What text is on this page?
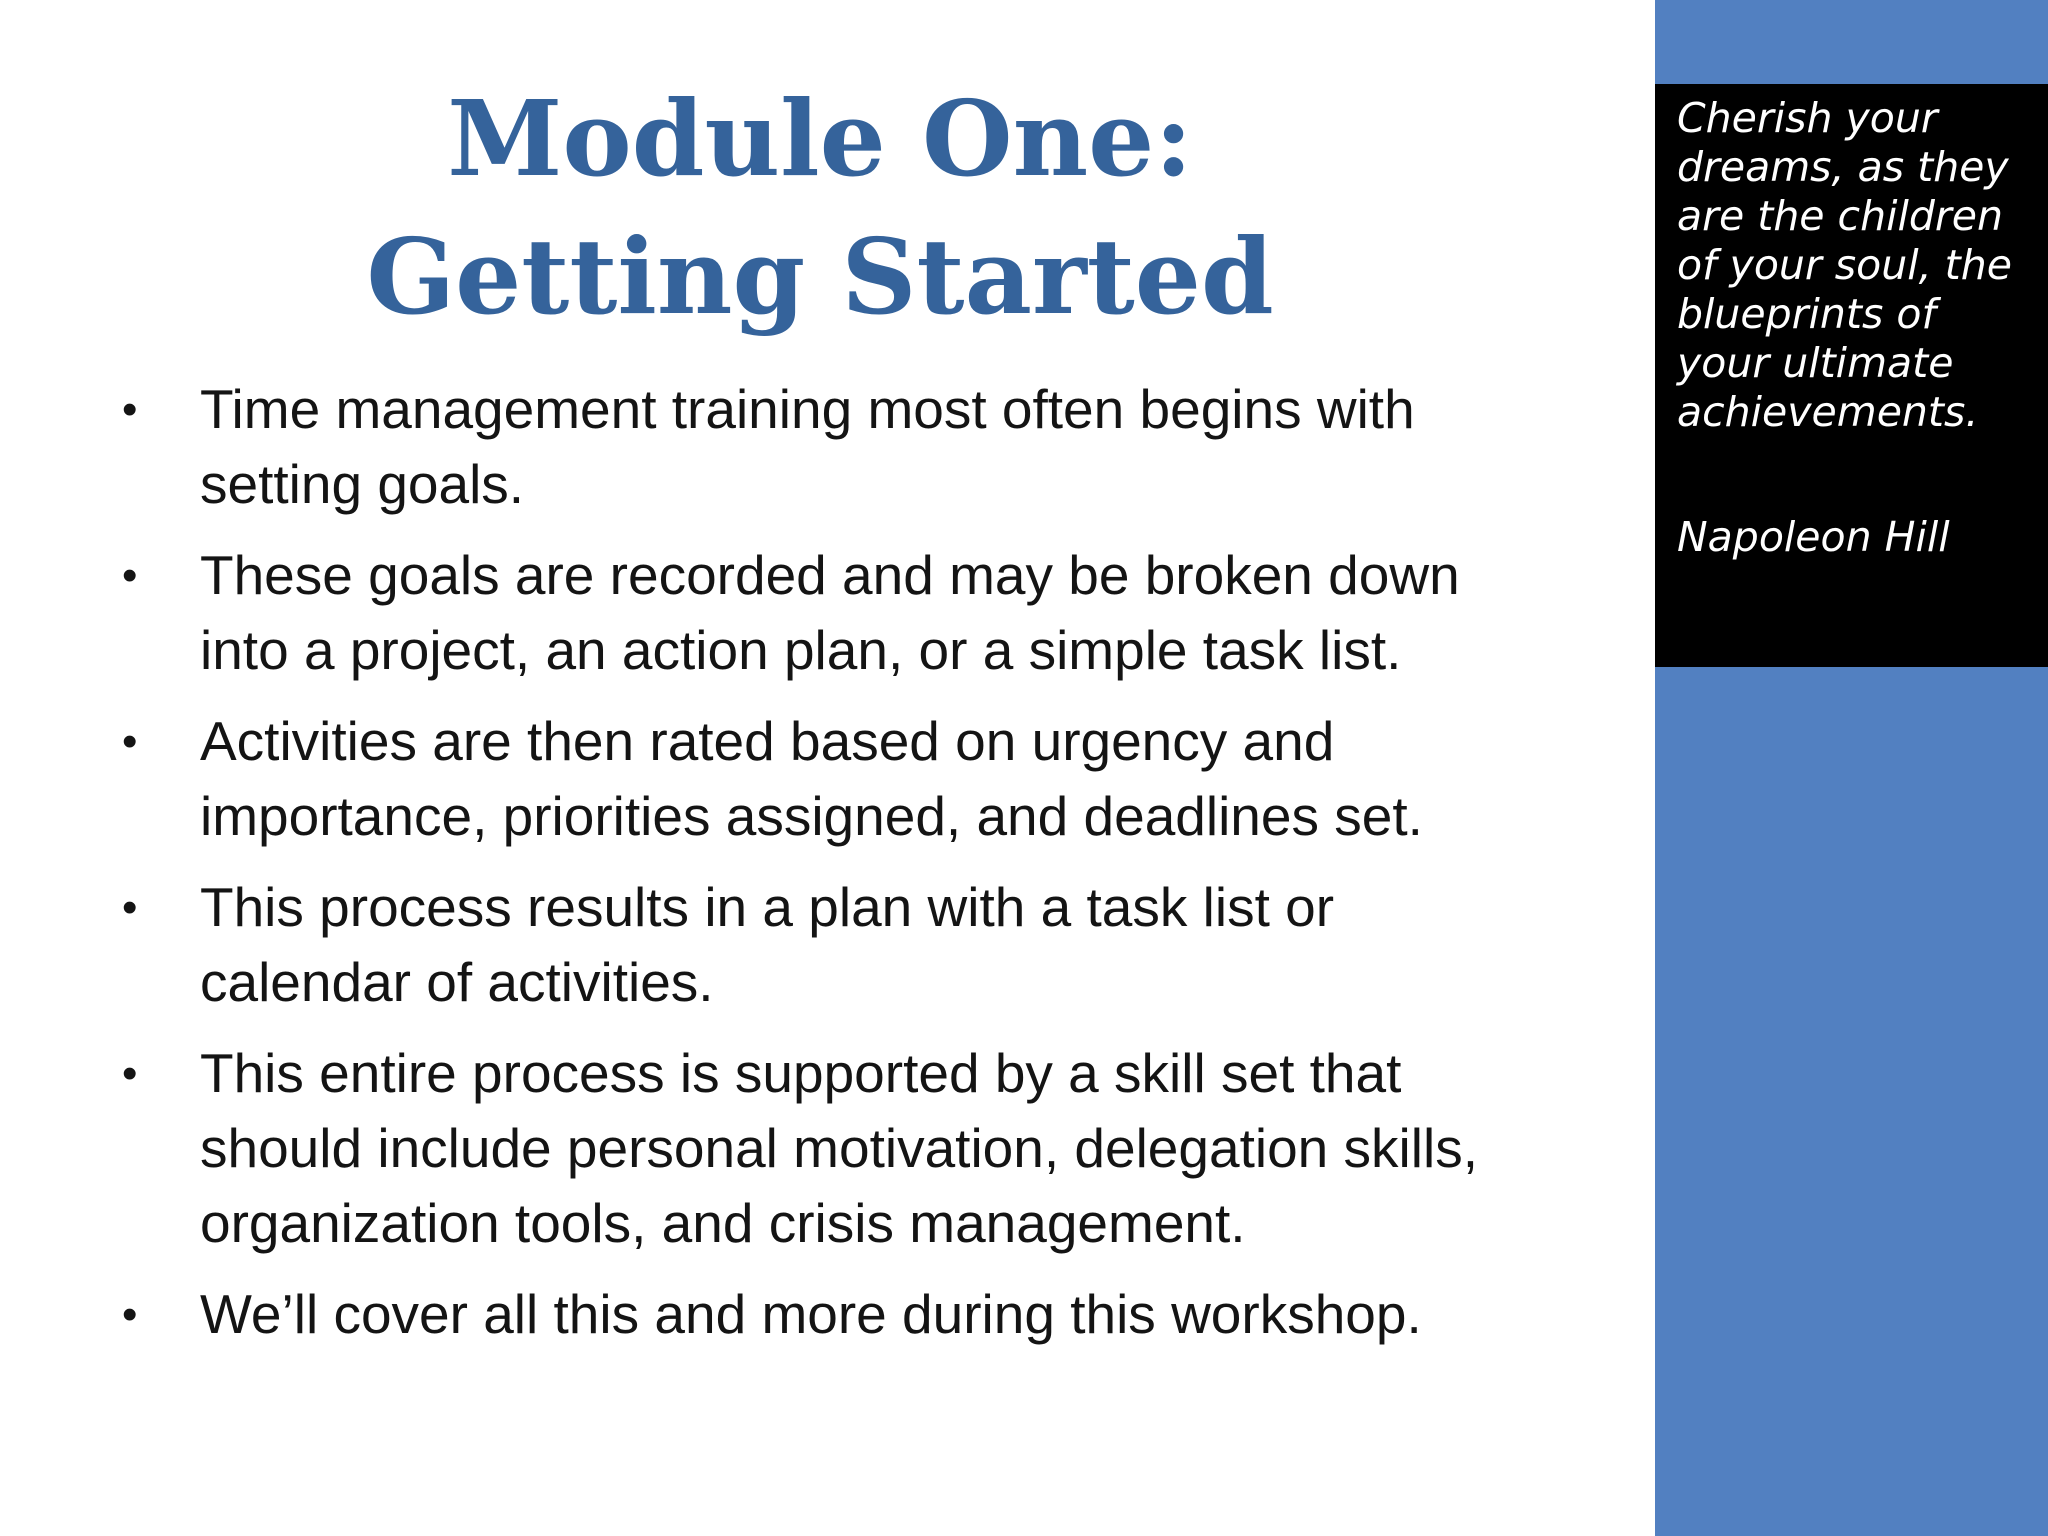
Module One:
Getting Started
• Time management training most often begins with setting goals.
• These goals are recorded and may be broken down into a project, an action plan, or a simple task list.
• Activities are then rated based on urgency and importance, priorities assigned, and deadlines set.
• This process results in a plan with a task list or calendar of activities.
• This entire process is supported by a skill set that should include personal motivation, delegation skills, organization tools, and crisis management.
• We’ll cover all this and more during this workshop.
Cherish your dreams, as they are the children of your soul, the blueprints of your ultimate achievements.
Napoleon Hill
